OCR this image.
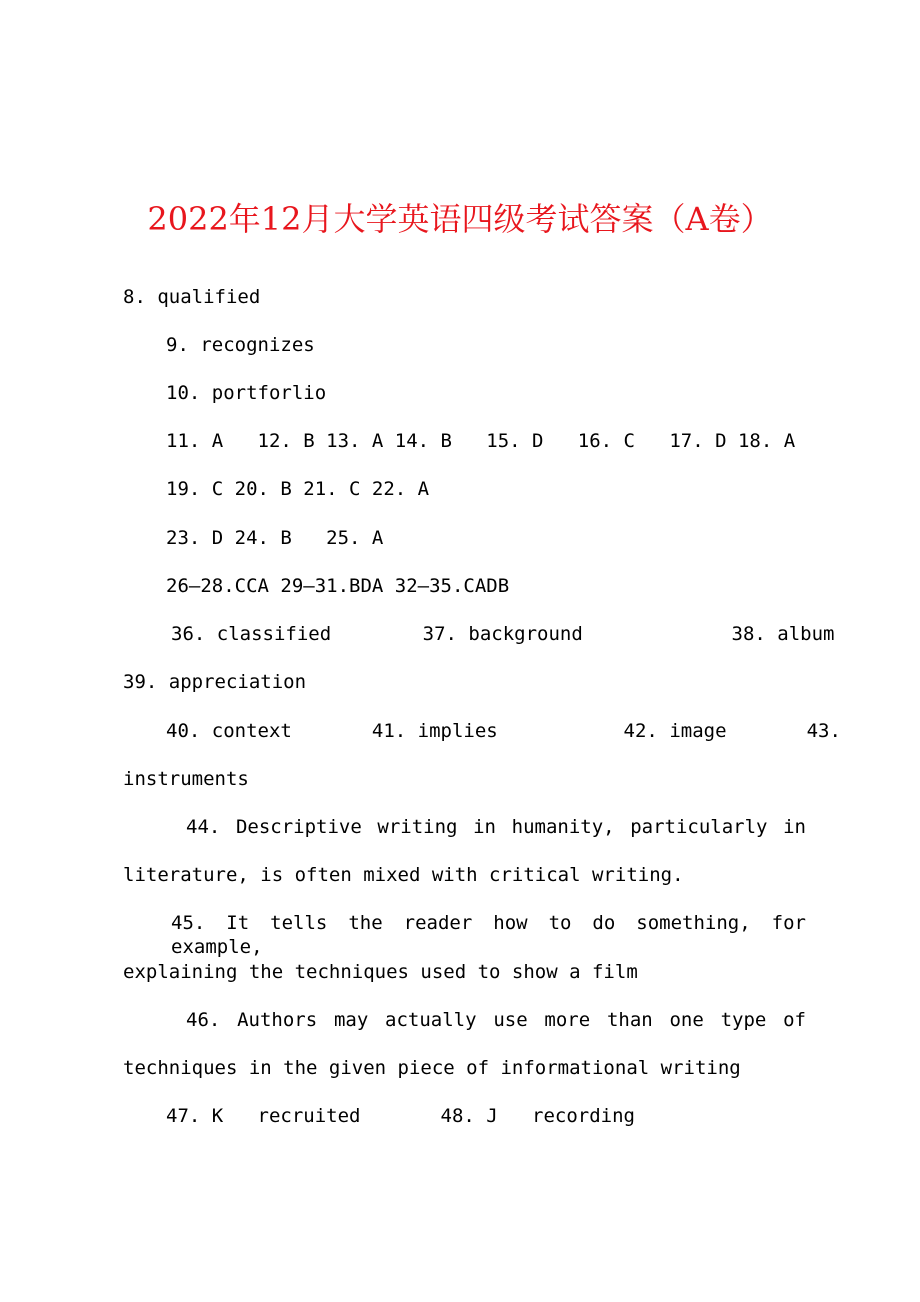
2022年12月大学英语四级考试答案（A卷）
8. qualified
9. recognizes
10. portforlio
11. A   12. B 13. A 14. B   15. D   16. C   17. D 18. A
19. C 20. B 21. C 22. A
23. D 24. B   25. A
26—28.CCA 29—31.BDA 32—35.CADB
36. classified        37. background             38. album
39. appreciation
40. context       41. implies           42. image       43.
instruments
44. Descriptive writing in humanity, particularly in
literature, is often mixed with critical writing.
45. It tells the reader how to do something, for example,
explaining the techniques used to show a film
46. Authors may actually use more than one type of
techniques in the given piece of informational writing
47. K   recruited       48. J   recording
